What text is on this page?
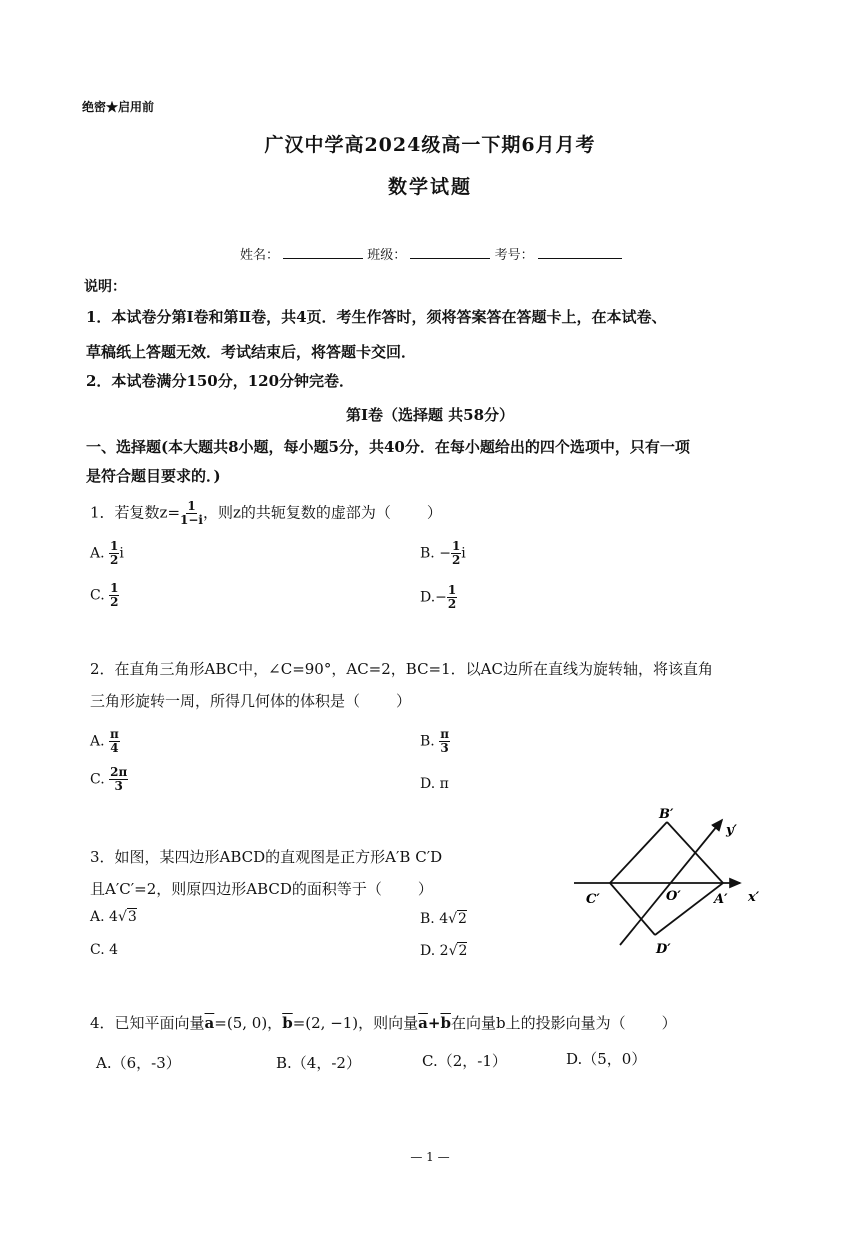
绝密★启用前
广汉中学高2024级高一下期6月月考
数学试题
姓名：	班级：	考号：
说明：
1．本试卷分第Ⅰ卷和第Ⅱ卷，共4页．考生作答时，须将答案答在答题卡上，在本试卷、
草稿纸上答题无效．考试结束后，将答题卡交回．
2．本试卷满分150分，120分钟完卷．
第Ⅰ卷（选择题 共58分）
一、选择题(本大题共8小题，每小题5分，共40分．在每小题给出的四个选项中，只有一项
是符合题目要求的．)
1．若复数$z= \frac{1}{1-i}$ ，则z的共轭复数的虚部为（　　 ）
A. $\frac{1}{2}$ i	B. − $\frac{1}{2}$ i
C. $\frac{1}{2}$	$D.- \frac{1}{2}$
2．在直角三角形ABC中，∠C=90°，AC=2，BC=1．以AC边所在直线为旋转轴，将该直角
三角形旋转一周，所得几何体的体积是（　　 ）
A. $\frac{\pi}{4}$	B. $\frac{\pi}{3}$
C. $\frac{2\pi}{3}$	D. π
3．如图，某四边形ABCD的直观图是正方形A′B C′D
且A′C′=2，则原四边形ABCD的面积等于（　　 ）
A. 4√3	B. 4√2
C. 4	D. 2√2
B′
y′
C′	O′	A′ x′
D′
4．已知平面向量$\overline{a}=(5$, 0)，$\overline{b}=(2$, −1)，则向量$\overline{a}+\overline{b}$在向量b上的投影向量为（　　 ）
A.（6，-3）	B.（4，-2）	C.（2，-1）	D.（5，0）
— 1 —
